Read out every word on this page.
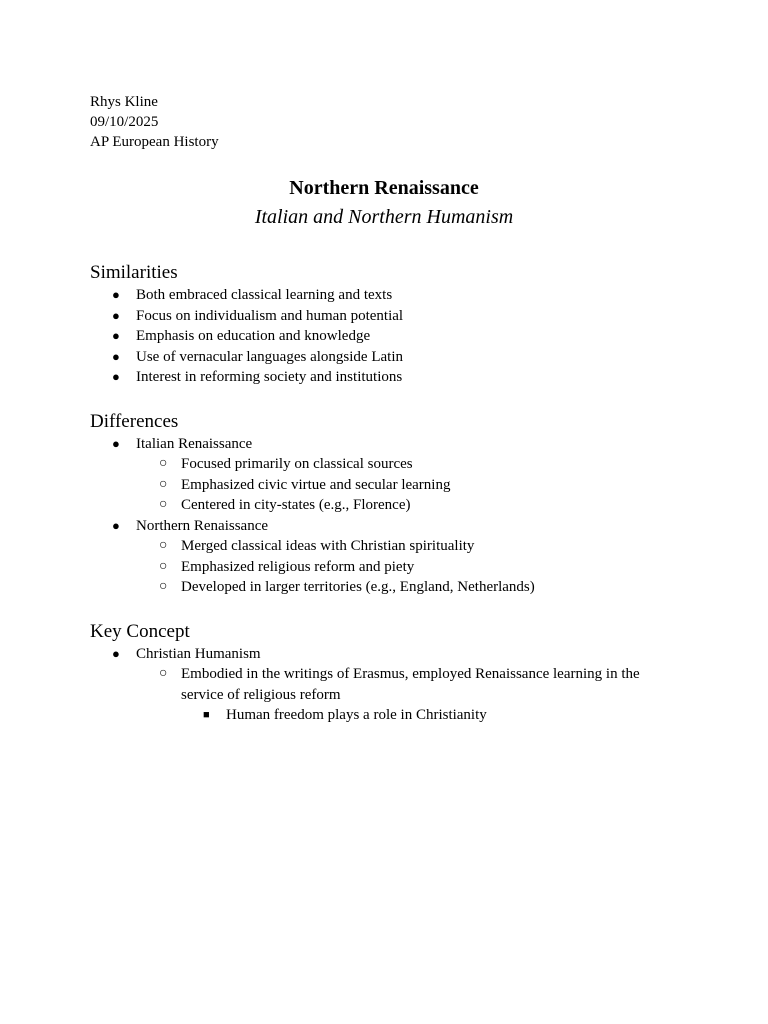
Rhys Kline
09/10/2025
AP European History
Northern Renaissance
Italian and Northern Humanism
Similarities
● Both embraced classical learning and texts
● Focus on individualism and human potential
● Emphasis on education and knowledge
● Use of vernacular languages alongside Latin
● Interest in reforming society and institutions
Differences
● Italian Renaissance
○ Focused primarily on classical sources
○ Emphasized civic virtue and secular learning
○ Centered in city-states (e.g., Florence)
● Northern Renaissance
○ Merged classical ideas with Christian spirituality
○ Emphasized religious reform and piety
○ Developed in larger territories (e.g., England, Netherlands)
Key Concept
● Christian Humanism
○ Embodied in the writings of Erasmus, employed Renaissance learning in the service of religious reform
■ Human freedom plays a role in Christianity
